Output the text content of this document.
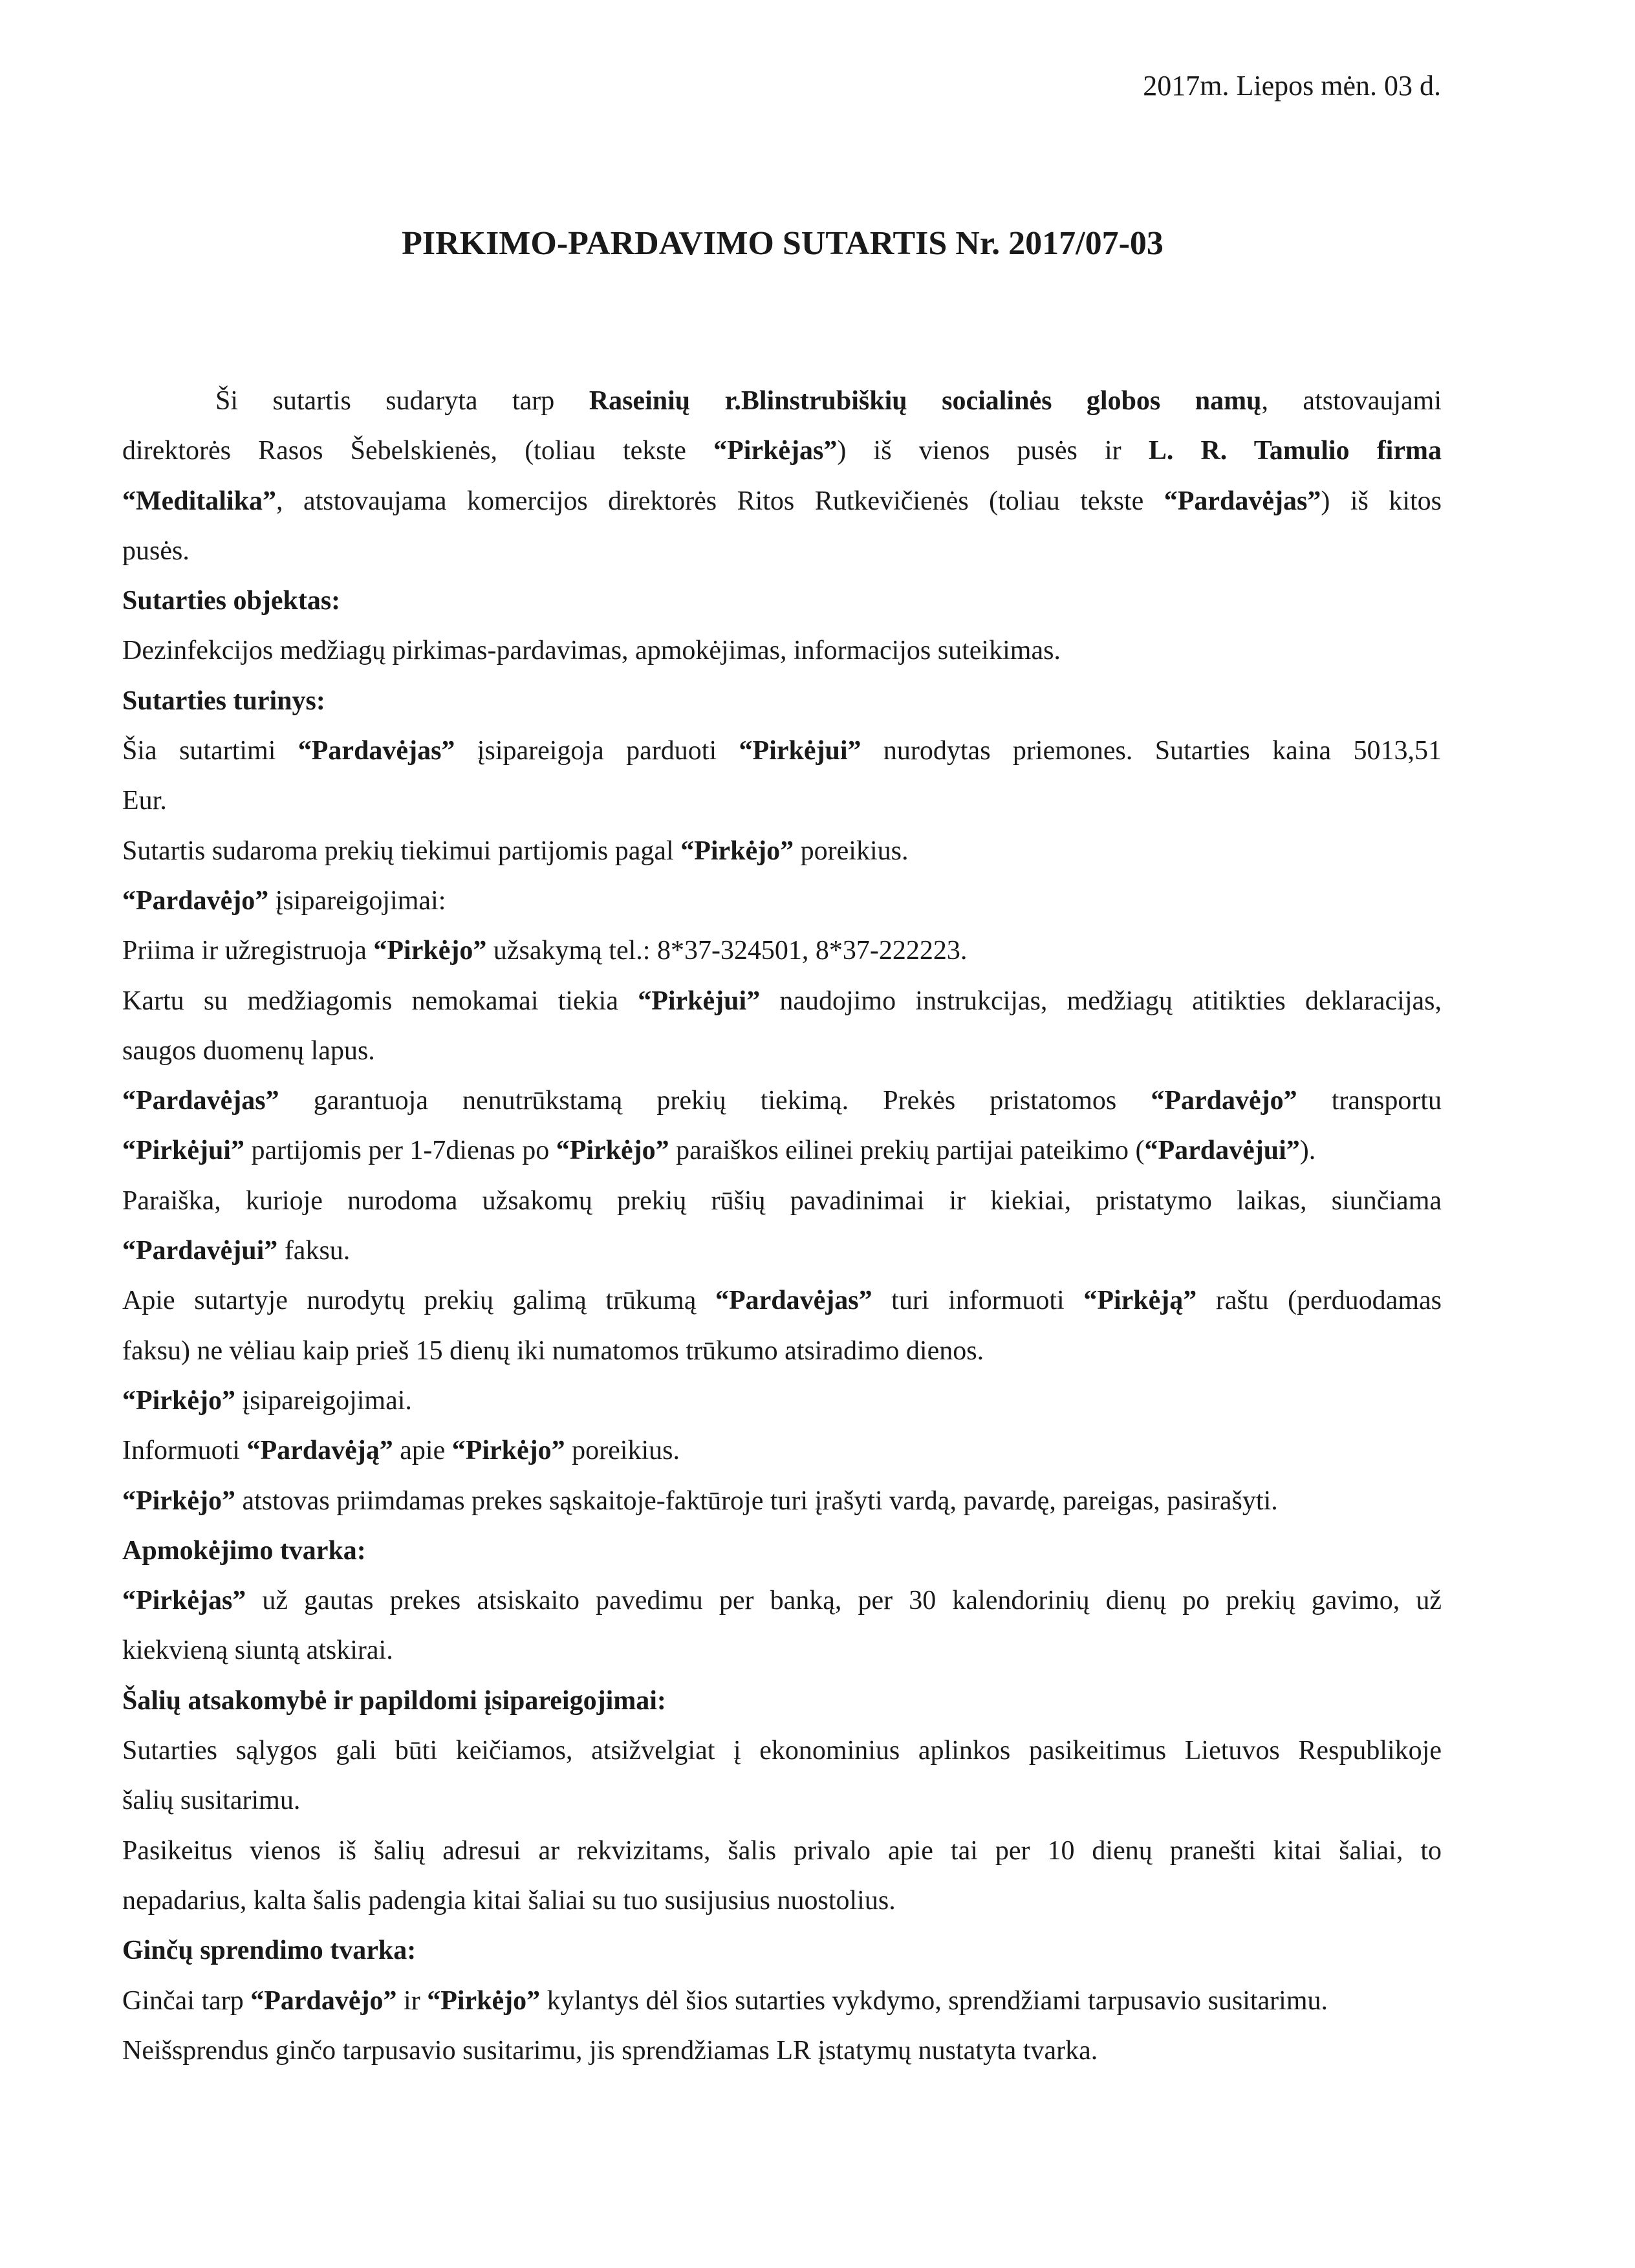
2017m. Liepos mėn. 03 d.
PIRKIMO-PARDAVIMO SUTARTIS Nr. 2017/07-03
Ši sutartis sudaryta tarp Raseinių r.Blinstrubiškių socialinės globos namų, atstovaujami
direktorės Rasos Šebelskienės, (toliau tekste “Pirkėjas”) iš vienos pusės ir L. R. Tamulio firma
“Meditalika”, atstovaujama komercijos direktorės Ritos Rutkevičienės (toliau tekste “Pardavėjas”) iš kitos
pusės.
Sutarties objektas:
Dezinfekcijos medžiagų pirkimas-pardavimas, apmokėjimas, informacijos suteikimas.
Sutarties turinys:
Šia sutartimi “Pardavėjas” įsipareigoja parduoti “Pirkėjui” nurodytas priemones. Sutarties kaina 5013,51
Eur.
Sutartis sudaroma prekių tiekimui partijomis pagal “Pirkėjo” poreikius.
“Pardavėjo” įsipareigojimai:
Priima ir užregistruoja “Pirkėjo” užsakymą tel.: 8*37-324501, 8*37-222223.
Kartu su medžiagomis nemokamai tiekia “Pirkėjui” naudojimo instrukcijas, medžiagų atitikties deklaracijas,
saugos duomenų lapus.
“Pardavėjas” garantuoja nenutrūkstamą prekių tiekimą. Prekės pristatomos “Pardavėjo” transportu
“Pirkėjui” partijomis per 1-7dienas po “Pirkėjo” paraiškos eilinei prekių partijai pateikimo (“Pardavėjui”).
Paraiška, kurioje nurodoma užsakomų prekių rūšių pavadinimai ir kiekiai, pristatymo laikas, siunčiama
“Pardavėjui” faksu.
Apie sutartyje nurodytų prekių galimą trūkumą “Pardavėjas” turi informuoti “Pirkėją” raštu (perduodamas
faksu) ne vėliau kaip prieš 15 dienų iki numatomos trūkumo atsiradimo dienos.
“Pirkėjo” įsipareigojimai.
Informuoti “Pardavėją” apie “Pirkėjo” poreikius.
“Pirkėjo” atstovas priimdamas prekes sąskaitoje-faktūroje turi įrašyti vardą, pavardę, pareigas, pasirašyti.
Apmokėjimo tvarka:
“Pirkėjas” už gautas prekes atsiskaito pavedimu per banką, per 30 kalendorinių dienų po prekių gavimo, už
kiekvieną siuntą atskirai.
Šalių atsakomybė ir papildomi įsipareigojimai:
Sutarties sąlygos gali būti keičiamos, atsižvelgiat į ekonominius aplinkos pasikeitimus Lietuvos Respublikoje
šalių susitarimu.
Pasikeitus vienos iš šalių adresui ar rekvizitams, šalis privalo apie tai per 10 dienų pranešti kitai šaliai, to
nepadarius, kalta šalis padengia kitai šaliai su tuo susijusius nuostolius.
Ginčų sprendimo tvarka:
Ginčai tarp “Pardavėjo” ir “Pirkėjo” kylantys dėl šios sutarties vykdymo, sprendžiami tarpusavio susitarimu.
Neišsprendus ginčo tarpusavio susitarimu, jis sprendžiamas LR įstatymų nustatyta tvarka.
